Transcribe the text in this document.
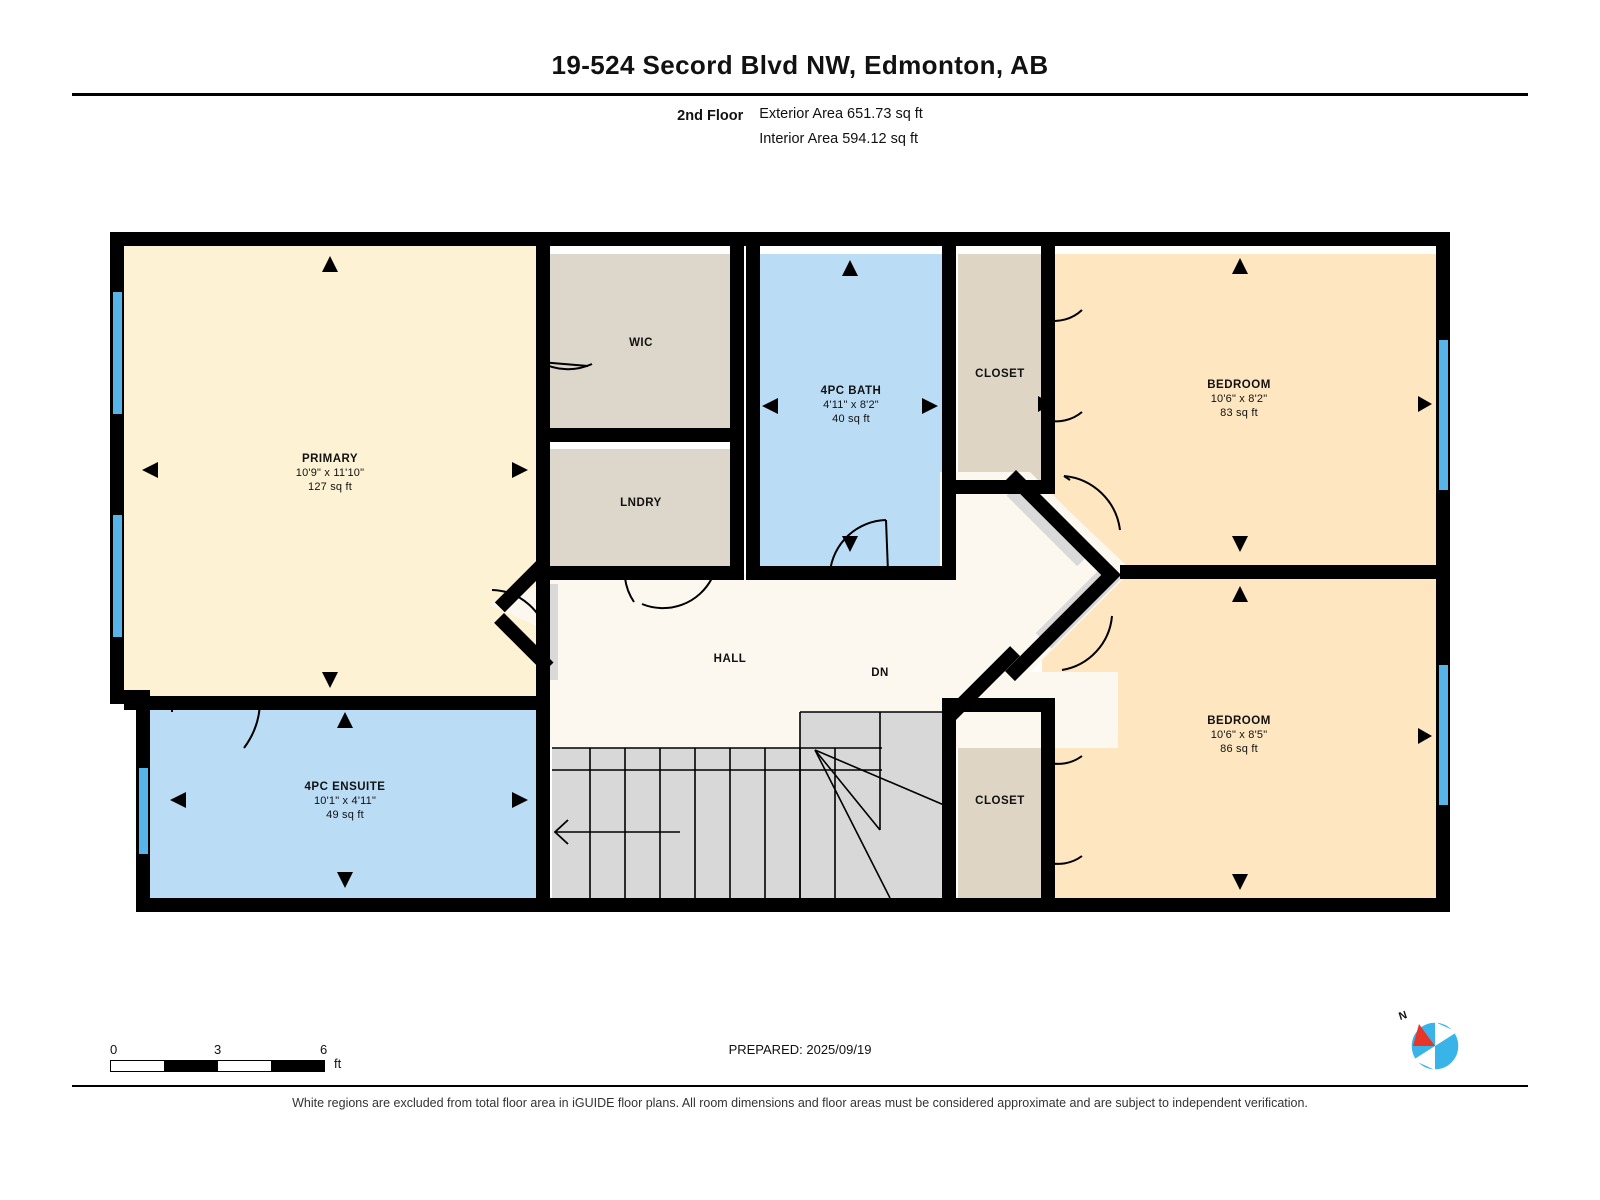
19-524 Secord Blvd NW, Edmonton, AB
2nd Floor Exterior Area 651.73 sq ft
Interior Area 594.12 sq ft
PRIMARY
10'9" x 11'10"
127 sq ft
4PC ENSUITE
10'1" x 4'11"
49 sq ft
WIC
LNDRY
4PC BATH
4'11" x 8'2"
40 sq ft
CLOSET
CLOSET
BEDROOM
10'6" x 8'2"
83 sq ft
BEDROOM
10'6" x 8'5"
86 sq ft
HALL
DN
0	3	6
ft
PREPARED: 2025/09/19
N
White regions are excluded from total floor area in iGUIDE floor plans. All room dimensions and floor areas must be considered approximate and are subject to independent verification.
